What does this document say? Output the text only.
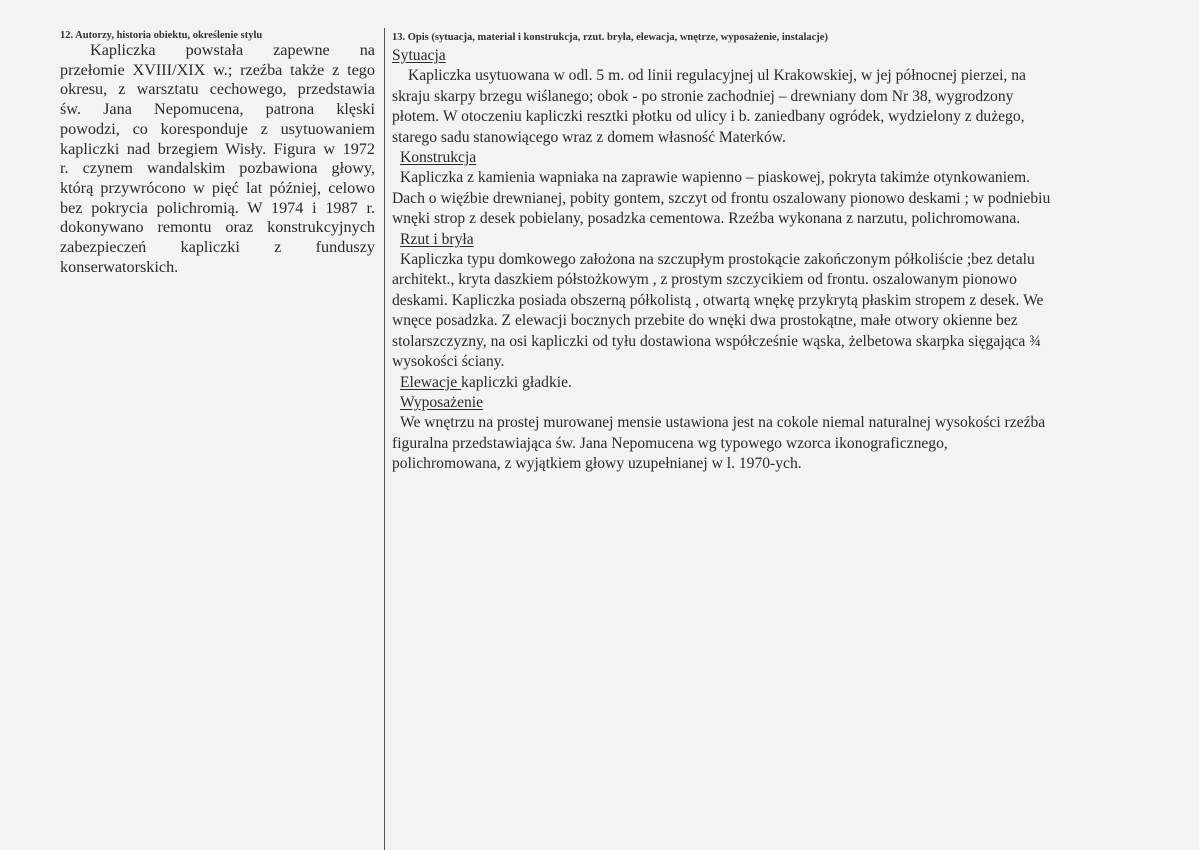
12. Autorzy, historia obiektu, określenie stylu
Kapliczka powstała zapewne na
przełomie XVIII/XIX w.; rzeźba także z tego
okresu, z warsztatu cechowego, przedstawia
św. Jana Nepomucena, patrona klęski
powodzi, co koresponduje z usytuowaniem
kapliczki nad brzegiem Wisły. Figura w 1972
r. czynem wandalskim pozbawiona głowy,
którą przywrócono w pięć lat później, celowo
bez pokrycia polichromią. W 1974 i 1987 r.
dokonywano remontu oraz konstrukcyjnych
zabezpieczeń kapliczki z funduszy
konserwatorskich.
13. Opis (sytuacja, materiał i konstrukcja, rzut. bryła, elewacja, wnętrze, wyposażenie, instalacje)
Sytuacja
Kapliczka usytuowana w odl. 5 m. od linii regulacyjnej ul Krakowskiej, w jej północnej pierzei, na
skraju skarpy brzegu wiślanego; obok - po stronie zachodniej – drewniany dom Nr 38, wygrodzony
płotem. W otoczeniu kapliczki resztki płotku od ulicy i b. zaniedbany ogródek, wydzielony z dużego,
starego sadu stanowiącego wraz z domem własność Materków.
Konstrukcja
Kapliczka z kamienia wapniaka na zaprawie wapienno – piaskowej, pokryta takimże otynkowaniem.
Dach o więźbie drewnianej, pobity gontem, szczyt od frontu oszalowany pionowo deskami ; w podniebiu
wnęki strop z desek pobielany, posadzka cementowa. Rzeźba wykonana z narzutu, polichromowana.
Rzut i bryła
Kapliczka typu domkowego założona na szczupłym prostokącie zakończonym półkoliście ;bez detalu
architekt., kryta daszkiem półstożkowym , z prostym szczycikiem od frontu. oszalowanym pionowo
deskami. Kapliczka posiada obszerną półkolistą , otwartą wnękę przykrytą płaskim stropem z desek. We
wnęce posadzka. Z elewacji bocznych przebite do wnęki dwa prostokątne, małe otwory okienne bez
stolarszczyzny, na osi kapliczki od tyłu dostawiona współcześnie wąska, żelbetowa skarpka sięgająca ¾
wysokości ściany.
Elewacje kapliczki gładkie.
Wyposażenie
We wnętrzu na prostej murowanej mensie ustawiona jest na cokole niemal naturalnej wysokości rzeźba
figuralna przedstawiająca św. Jana Nepomucena wg typowego wzorca ikonograficznego,
polichromowana, z wyjątkiem głowy uzupełnianej w l. 1970-ych.
